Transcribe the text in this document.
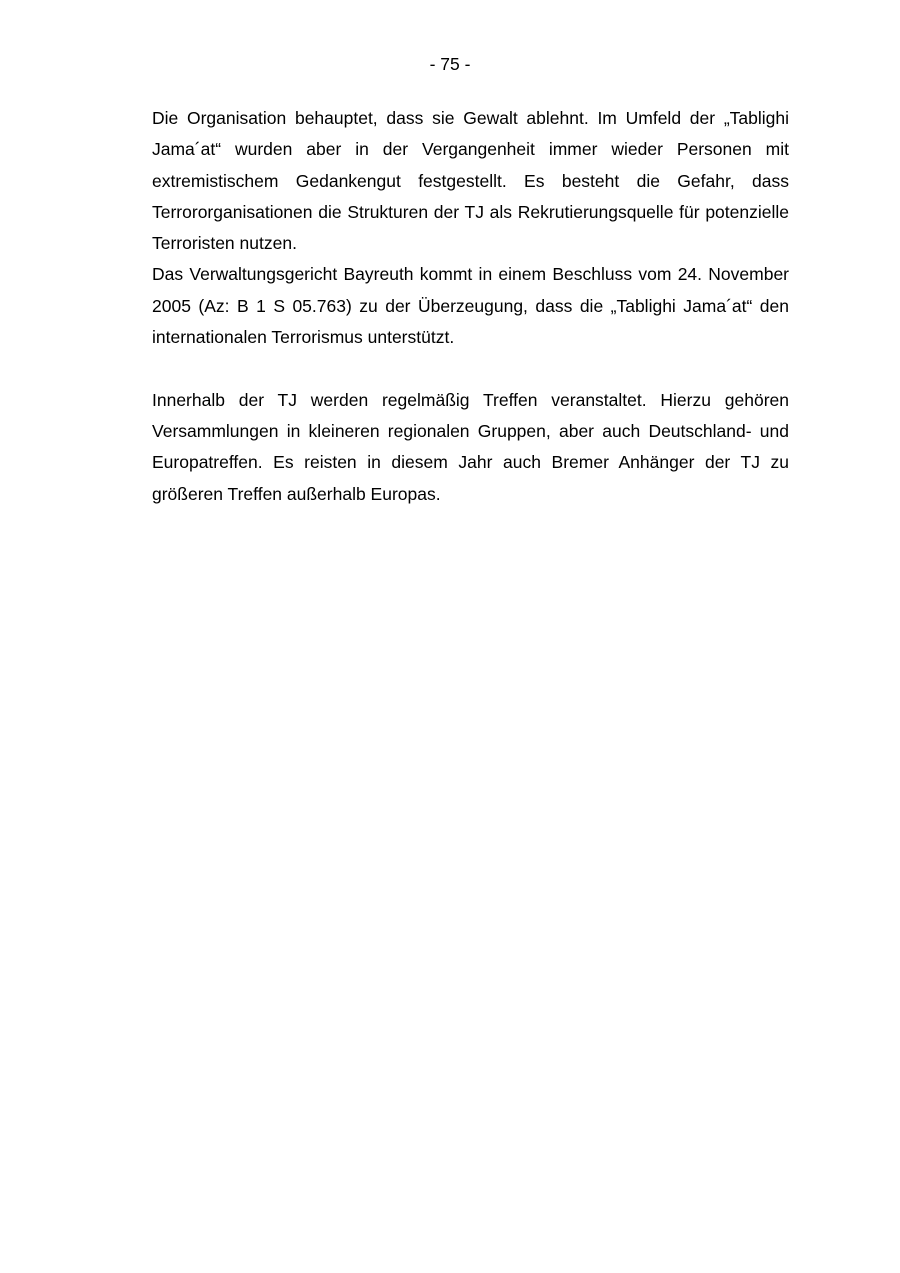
- 75 -

Die Organisation behauptet, dass sie Gewalt ablehnt. Im Umfeld der „Tablighi Jama´at“ wurden aber in der Vergangenheit immer wieder Personen mit extremistischem Gedankengut festgestellt. Es besteht die Gefahr, dass Terrororganisationen die Strukturen der TJ als Rekrutierungsquelle für potenzielle Terroristen nutzen.

Das Verwaltungsgericht Bayreuth kommt in einem Beschluss vom 24. November 2005 (Az: B 1 S 05.763) zu der Überzeugung, dass die „Tablighi Jama´at“ den internationalen Terrorismus unterstützt.

Innerhalb der TJ werden regelmäßig Treffen veranstaltet. Hierzu gehören Versammlungen in kleineren regionalen Gruppen, aber auch Deutschland- und Europatreffen. Es reisten in diesem Jahr auch Bremer Anhänger der TJ zu größeren Treffen außerhalb Europas.
